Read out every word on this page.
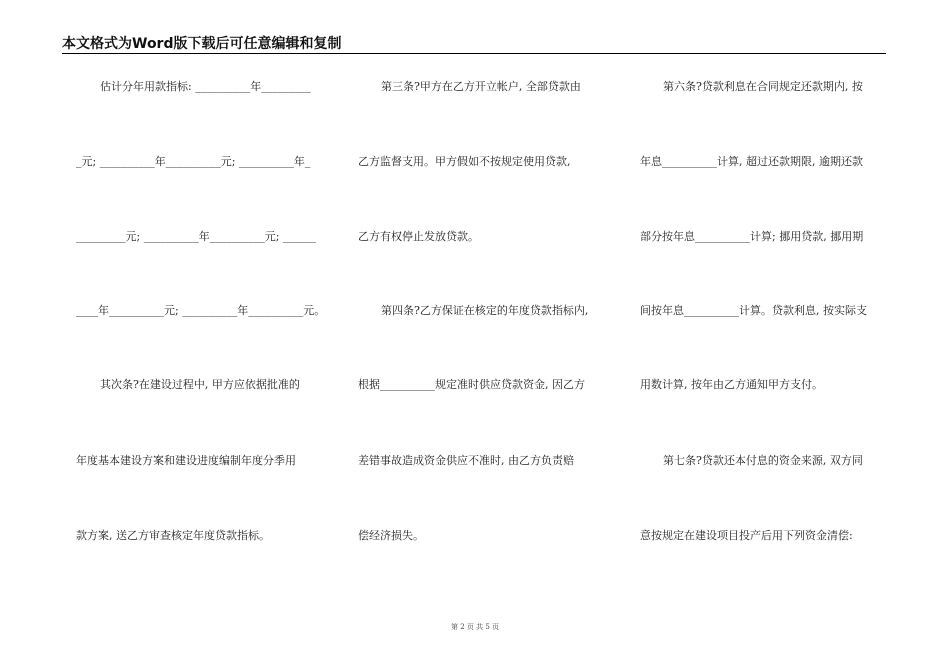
本文格式为Word版下载后可任意编辑和复制
估计分年用款指标: __________年_________
_元; __________年__________元; __________年_
_________元; __________年__________元; ______
____年__________元; __________年__________元。
其次条?在建设过程中, 甲方应依据批准的
年度基本建设方案和建设进度编制年度分季用
款方案, 送乙方审查核定年度贷款指标。
第三条?甲方在乙方开立帐户, 全部贷款由
乙方监督支用。甲方假如不按规定使用贷款,
乙方有权停止发放贷款。
第四条?乙方保证在核定的年度贷款指标内,
根据__________规定准时供应贷款资金, 因乙方
差错事故造成资金供应不准时, 由乙方负责赔
偿经济损失。
第六条?贷款利息在合同规定还款期内, 按
年息__________计算, 超过还款期限, 逾期还款
部分按年息__________计算; 挪用贷款, 挪用期
间按年息__________计算。贷款利息, 按实际支
用数计算, 按年由乙方通知甲方支付。
第七条?贷款还本付息的资金来源, 双方同
意按规定在建设项目投产后用下列资金清偿:
第 2 页 共 5 页
